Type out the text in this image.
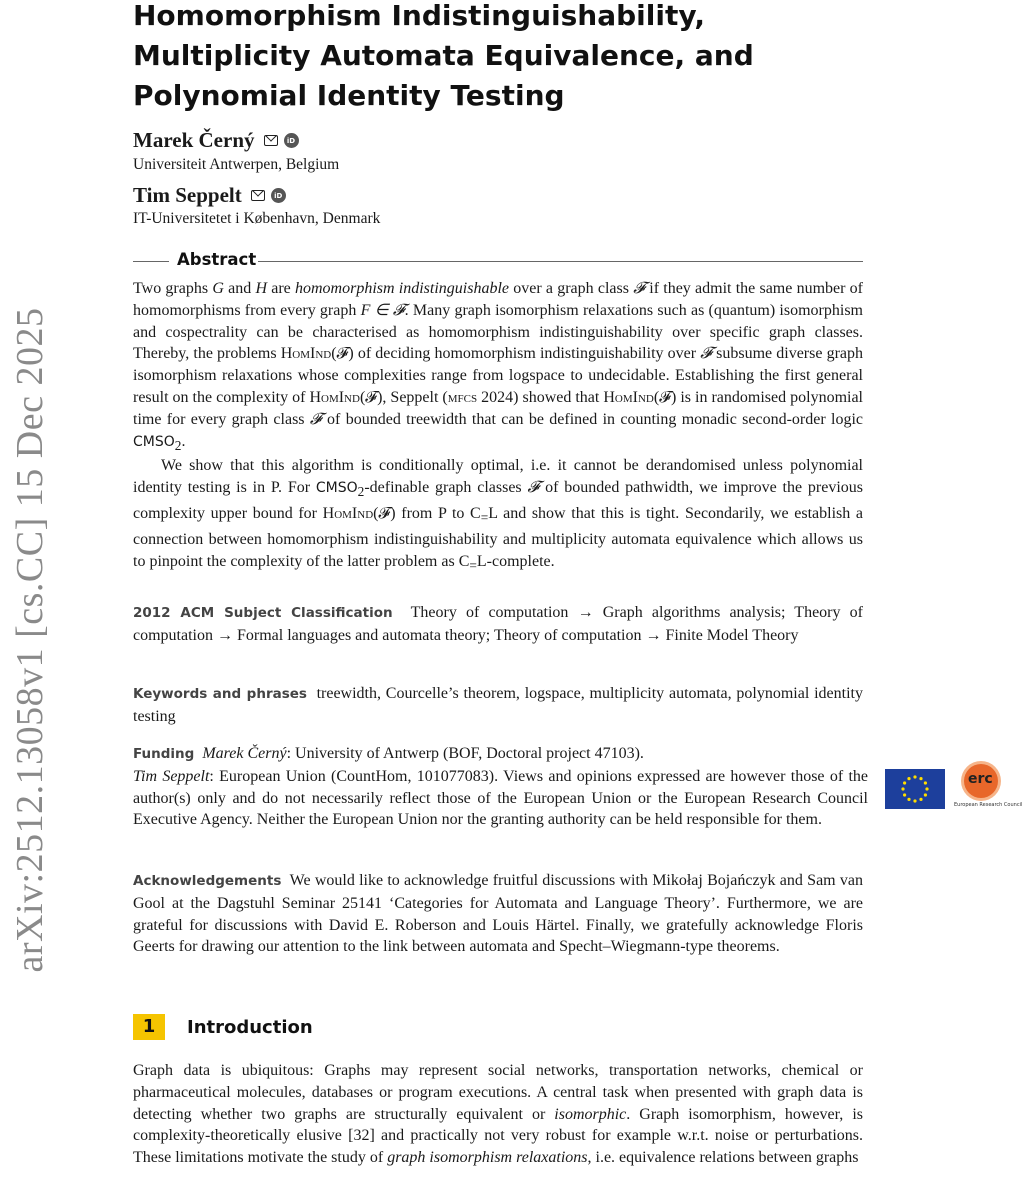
arXiv:2512.13058v1 [cs.CC] 15 Dec 2025
Homomorphism Indistinguishability, Multiplicity Automata Equivalence, and Polynomial Identity Testing
Marek Černý	iD
Universiteit Antwerpen, Belgium
Tim Seppelt	iD
IT-Universitetet i København, Denmark
Abstract

Two graphs G and H are homomorphism indistinguishable over a graph class 𝓕 if they admit the same number of homomorphisms from every graph F ∈ 𝓕. Many graph isomorphism relaxations such as (quantum) isomorphism and cospectrality can be characterised as homomorphism indistinguishability over specific graph classes. Thereby, the problems HomInd(𝓕) of deciding homomorphism indistinguishability over 𝓕 subsume diverse graph isomorphism relaxations whose complexities range from logspace to undecidable. Establishing the first general result on the complexity of HomInd(𝓕), Seppelt (mfcs 2024) showed that HomInd(𝓕) is in randomised polynomial time for every graph class 𝓕 of bounded treewidth that can be defined in counting monadic second-order logic $CMSO_2$.

We show that this algorithm is conditionally optimal, i.e. it cannot be derandomised unless polynomial identity testing is in P. For $CMSO_2$-definable graph classes 𝓕 of bounded pathwidth, we improve the previous complexity upper bound for HomInd(𝓕) from P to $C_=L$ and show that this is tight. Secondarily, we establish a connection between homomorphism indistinguishability and multiplicity automata equivalence which allows us to pinpoint the complexity of the latter problem as $C_=L$-complete.

2012 ACM Subject Classification Theory of computation → Graph algorithms analysis; Theory of computation → Formal languages and automata theory; Theory of computation → Finite Model Theory

Keywords and phrases treewidth, Courcelle’s theorem, logspace, multiplicity automata, polynomial identity testing

Funding Marek Černý: University of Antwerp (BOF, Doctoral project 47103).
Tim Seppelt: European Union (CountHom, 101077083). Views and opinions expressed are however those of the author(s) only and do not necessarily reflect those of the European Union or the European Research Council Executive Agency. Neither the European Union nor the granting authority can be held responsible for them.

erc
European Research Council

Acknowledgements We would like to acknowledge fruitful discussions with Mikołaj Bojańczyk and Sam van Gool at the Dagstuhl Seminar 25141 ‘Categories for Automata and Language Theory’. Furthermore, we are grateful for discussions with David E. Roberson and Louis Härtel. Finally, we gratefully acknowledge Floris Geerts for drawing our attention to the link between automata and Specht–Wiegmann-type theorems.

1	Introduction

Graph data is ubiquitous: Graphs may represent social networks, transportation networks, chemical or pharmaceutical molecules, databases or program executions. A central task when presented with graph data is detecting whether two graphs are structurally equivalent or isomorphic. Graph isomorphism, however, is complexity-theoretically elusive [32] and practically not very robust for example w.r.t. noise or perturbations. These limitations motivate the study of graph isomorphism relaxations, i.e. equivalence relations between graphs
